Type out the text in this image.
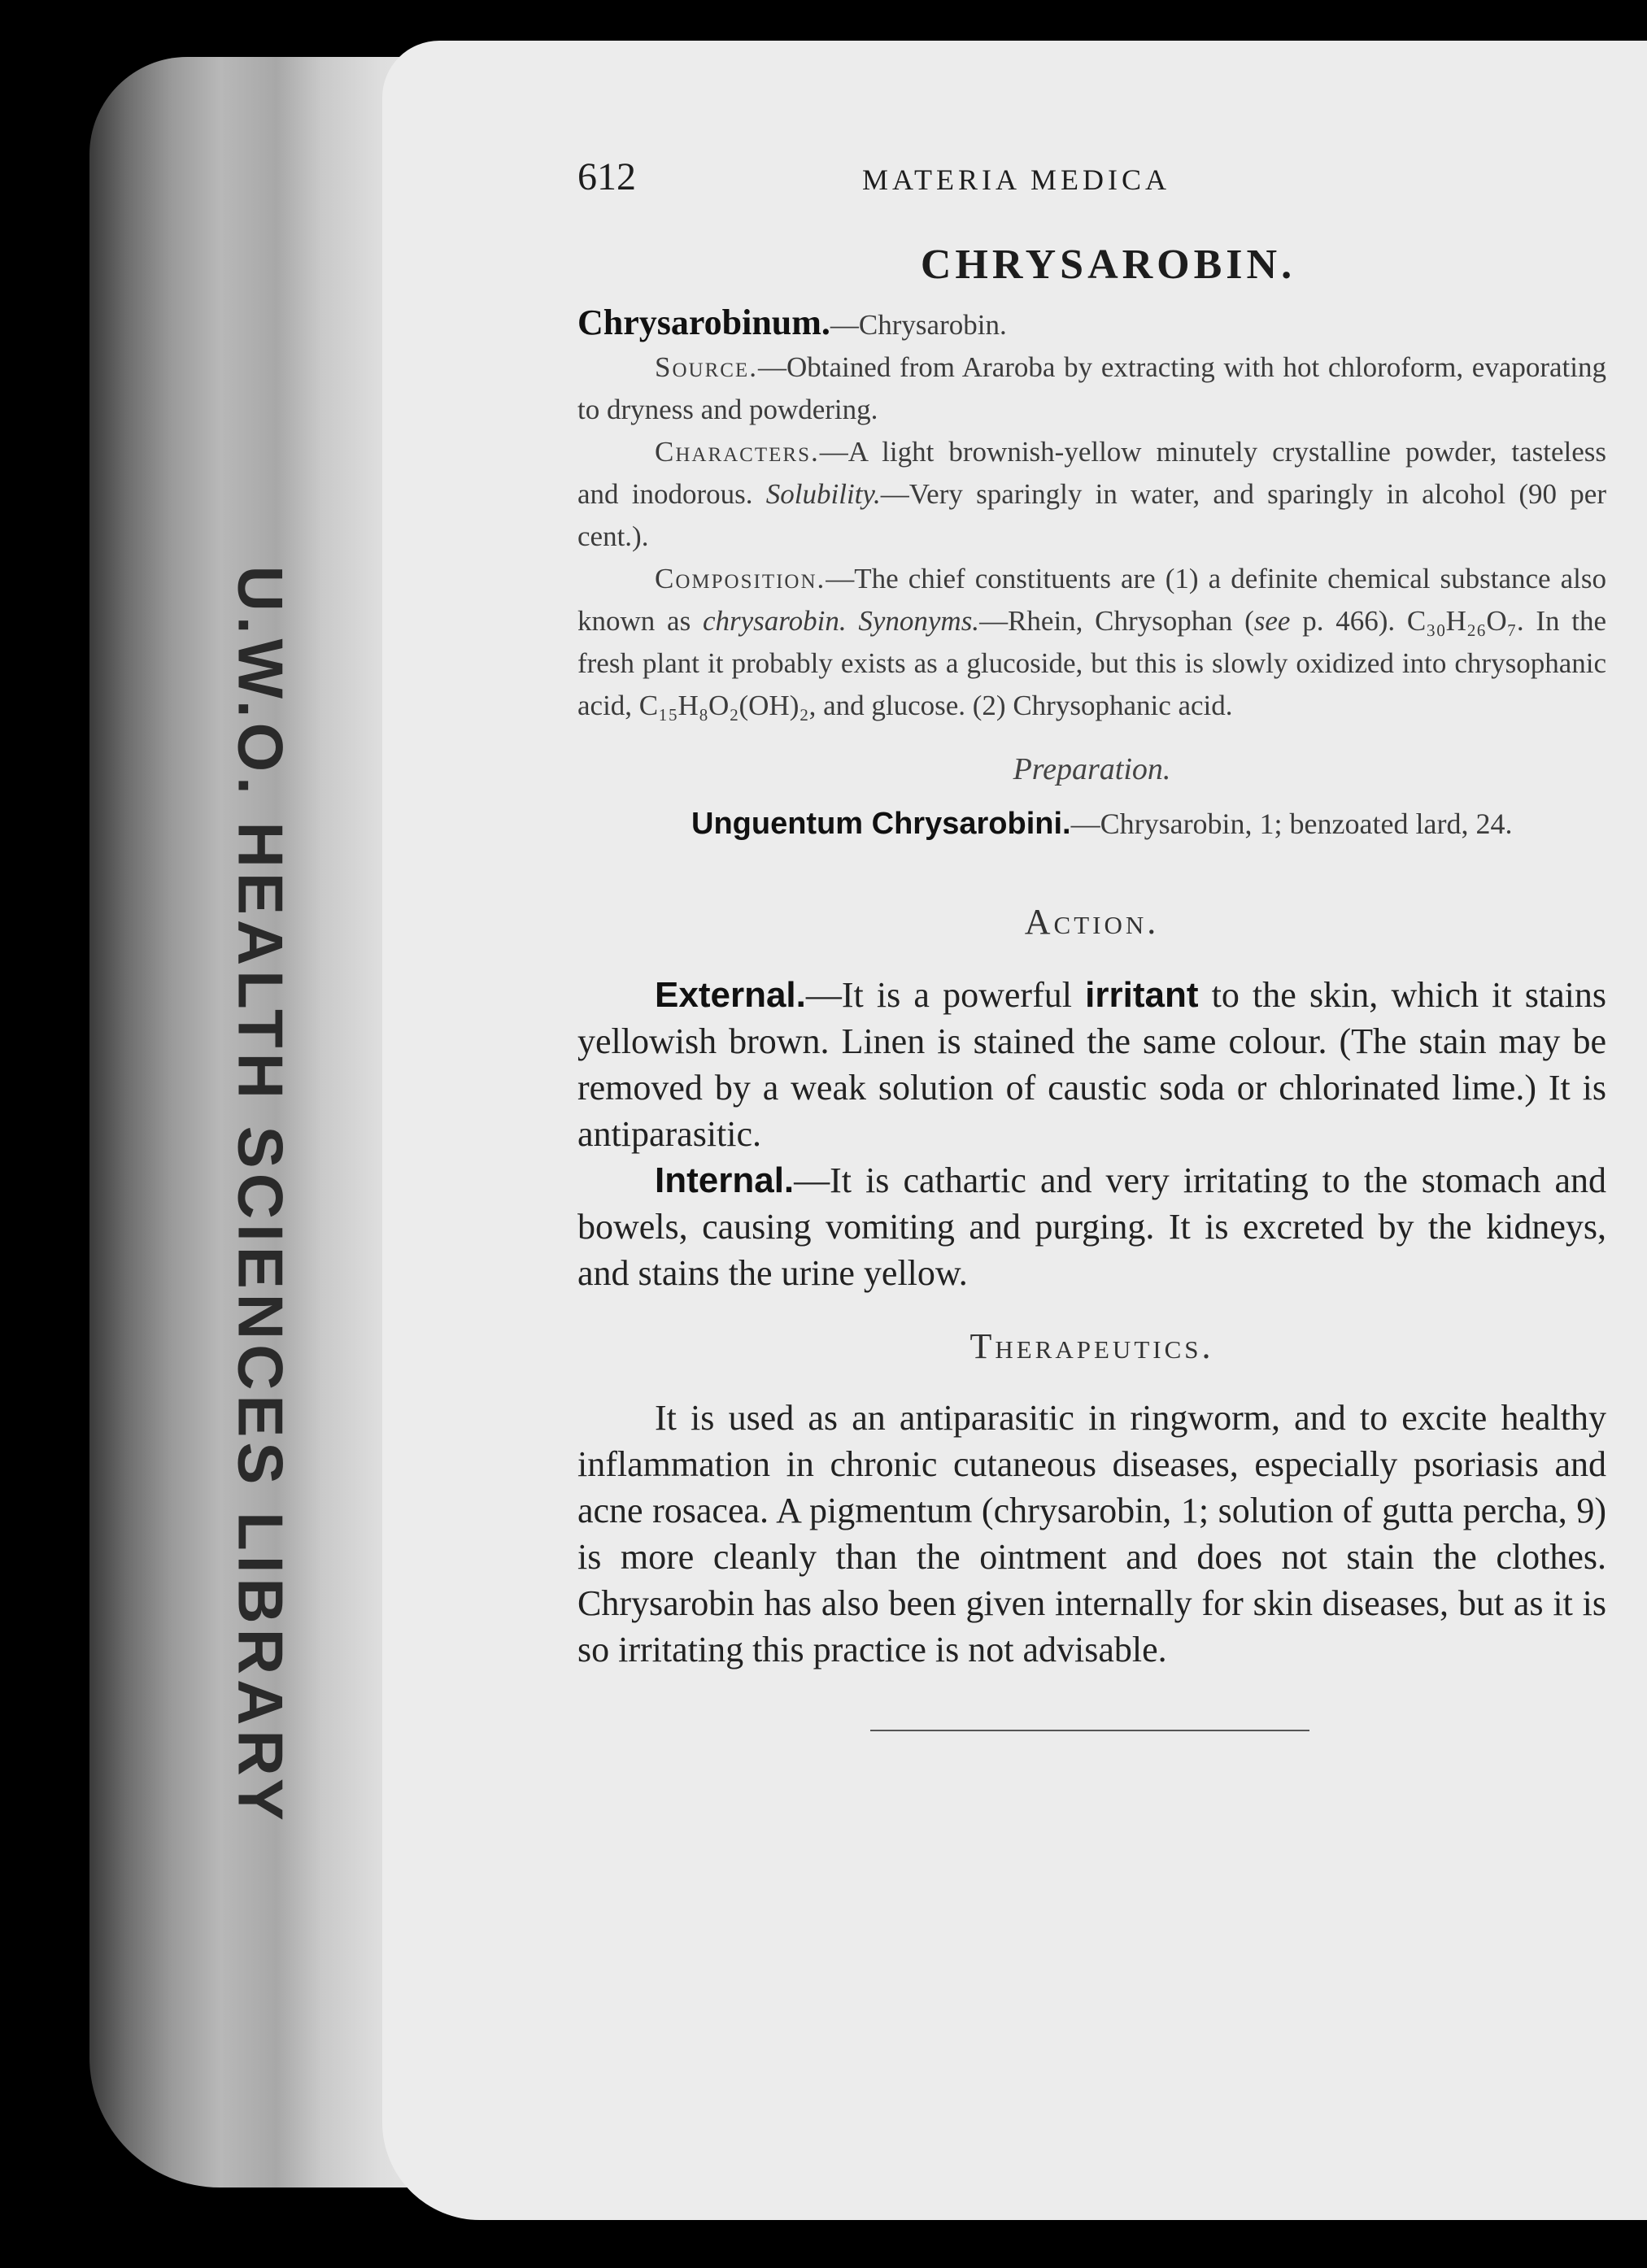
U.W.O. HEALTH SCIENCES LIBRARY
612	MATERIA MEDICA
CHRYSAROBIN.

Chrysarobinum.—Chrysarobin.

Source.—Obtained from Araroba by extracting with hot chloroform, evaporating to dryness and powdering.

Characters.—A light brownish-yellow minutely crystalline powder, tasteless and inodorous. Solubility.—Very sparingly in water, and sparingly in alcohol (90 per cent.).

Composition.—The chief constituents are (1) a definite chemical substance also known as chrysarobin. Synonyms.—Rhein, Chrysophan (see p. 466). C₃₀H₂₆O₇. In the fresh plant it probably exists as a glucoside, but this is slowly oxidized into chrysophanic acid, C₁₅H₈O₂(OH)₂, and glucose. (2) Chrysophanic acid.

Preparation.
Unguentum Chrysarobini.—Chrysarobin, 1; benzoated lard, 24.
Action.

External.—It is a powerful irritant to the skin, which it stains yellowish brown. Linen is stained the same colour. (The stain may be removed by a weak solution of caustic soda or chlorinated lime.) It is antiparasitic.

Internal.—It is cathartic and very irritating to the stomach and bowels, causing vomiting and purging. It is excreted by the kidneys, and stains the urine yellow.

Therapeutics.

It is used as an antiparasitic in ringworm, and to excite healthy inflammation in chronic cutaneous diseases, especially psoriasis and acne rosacea. A pigmentum (chrysarobin, 1; solution of gutta percha, 9) is more cleanly than the ointment and does not stain the clothes. Chrysarobin has also been given internally for skin diseases, but as it is so irritating this practice is not advisable.
